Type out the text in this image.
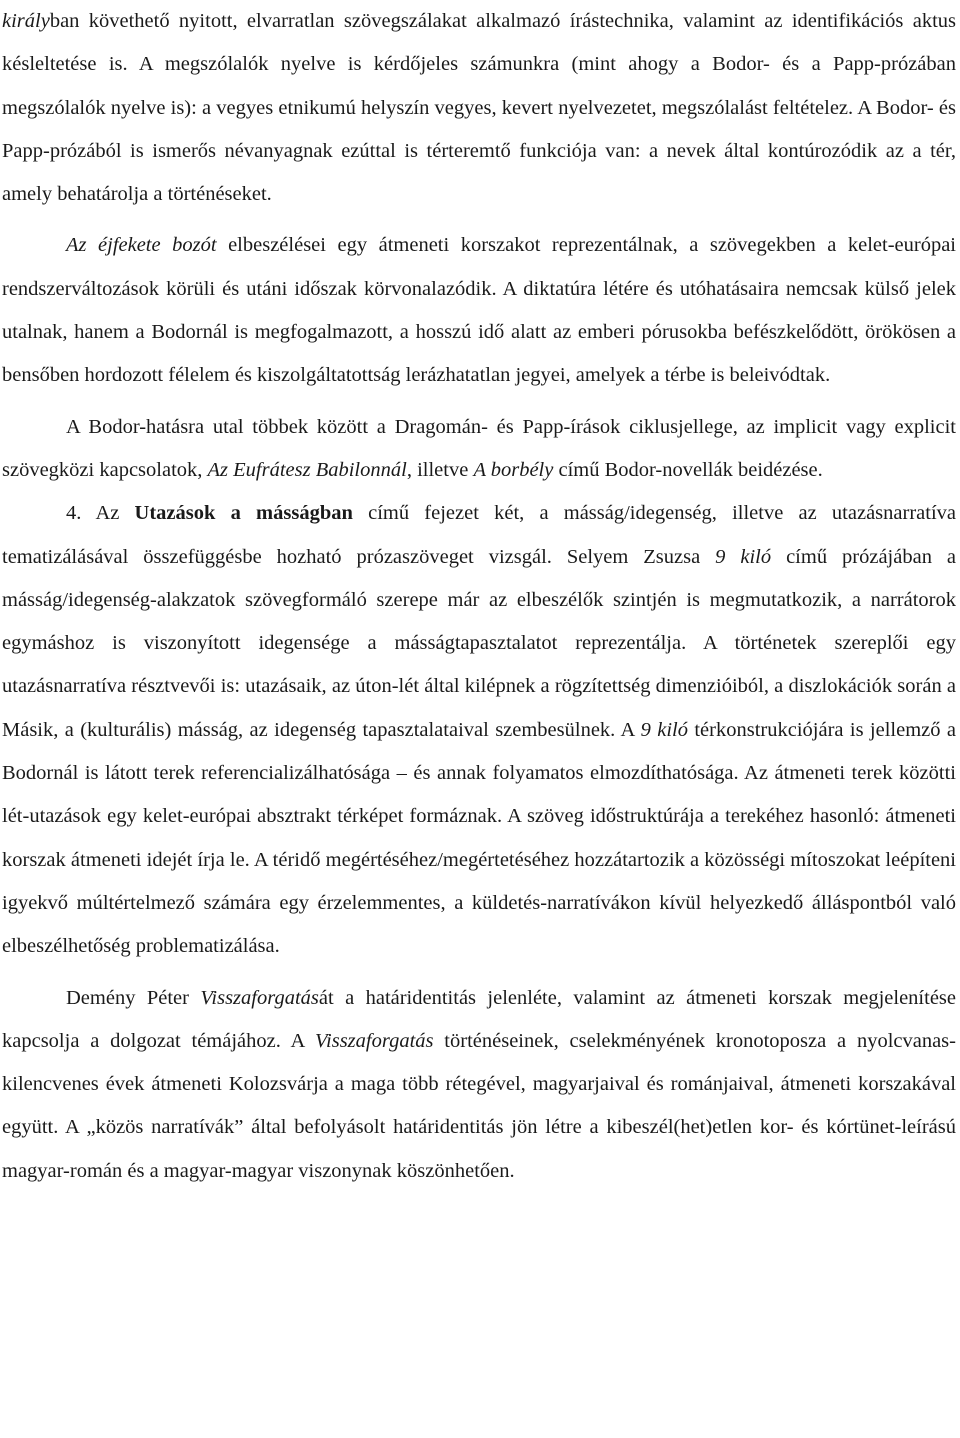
királyban követhető nyitott, elvarratlan szövegszálakat alkalmazó írástechnika, valamint az identifikációs aktus késleltetése is. A megszólalók nyelve is kérdőjeles számunkra (mint ahogy a Bodor- és a Papp-prózában megszólalók nyelve is): a vegyes etnikumú helyszín vegyes, kevert nyelvezetet, megszólalást feltételez. A Bodor- és Papp-prózából is ismerős névanyagnak ezúttal is térteremtő funkciója van: a nevek által kontúrozódik az a tér, amely behatárolja a történéseket.

Az éjfekete bozót elbeszélései egy átmeneti korszakot reprezentálnak, a szövegekben a kelet-európai rendszerváltozások körüli és utáni időszak körvonalazódik. A diktatúra létére és utóhatásaira nemcsak külső jelek utalnak, hanem a Bodornál is megfogalmazott, a hosszú idő alatt az emberi pórusokba befészkelődött, örökösen a bensőben hordozott félelem és kiszolgáltatottság lerázhatatlan jegyei, amelyek a térbe is beleivódtak.

A Bodor-hatásra utal többek között a Dragomán- és Papp-írások ciklusjellege, az implicit vagy explicit szövegközi kapcsolatok, Az Eufrátesz Babilonnál, illetve A borbély című Bodor-novellák beidézése.

4. Az Utazások a másságban című fejezet két, a másság/idegenség, illetve az utazásnarratíva tematizálásával összefüggésbe hozható prózaszöveget vizsgál. Selyem Zsuzsa 9 kiló című prózájában a másság/idegenség-alakzatok szövegformáló szerepe már az elbeszélők szintjén is megmutatkozik, a narrátorok egymáshoz is viszonyított idegensége a másságtapasztalatot reprezentálja. A történetek szereplői egy utazásnarratíva résztvevői is: utazásaik, az úton-lét által kilépnek a rögzítettség dimenzióiból, a diszlokációk során a Másik, a (kulturális) másság, az idegenség tapasztalataival szembesülnek. A 9 kiló térkonstrukciójára is jellemző a Bodornál is látott terek referencializálhatósága – és annak folyamatos elmozdíthatósága. Az átmeneti terek közötti lét-utazások egy kelet-európai absztrakt térképet formáznak. A szöveg időstruktúrája a terekéhez hasonló: átmeneti korszak átmeneti idejét írja le. A téridő megértéséhez/megértetéséhez hozzátartozik a közösségi mítoszokat leépíteni igyekvő múltértelmező számára egy érzelemmentes, a küldetés-narratívákon kívül helyezkedő álláspontból való elbeszélhetőség problematizálása.

Demény Péter Visszaforgatását a határidentitás jelenléte, valamint az átmeneti korszak megjelenítése kapcsolja a dolgozat témájához. A Visszaforgatás történéseinek, cselekményének kronotoposza a nyolcvanas-kilencvenes évek átmeneti Kolozsvárja a maga több rétegével, magyarjaival és románjaival, átmeneti korszakával együtt. A „közös narratívák” által befolyásolt határidentitás jön létre a kibeszél(het)etlen kor- és kórtünet-leírású magyar-román és a magyar-magyar viszonynak köszönhetően.
